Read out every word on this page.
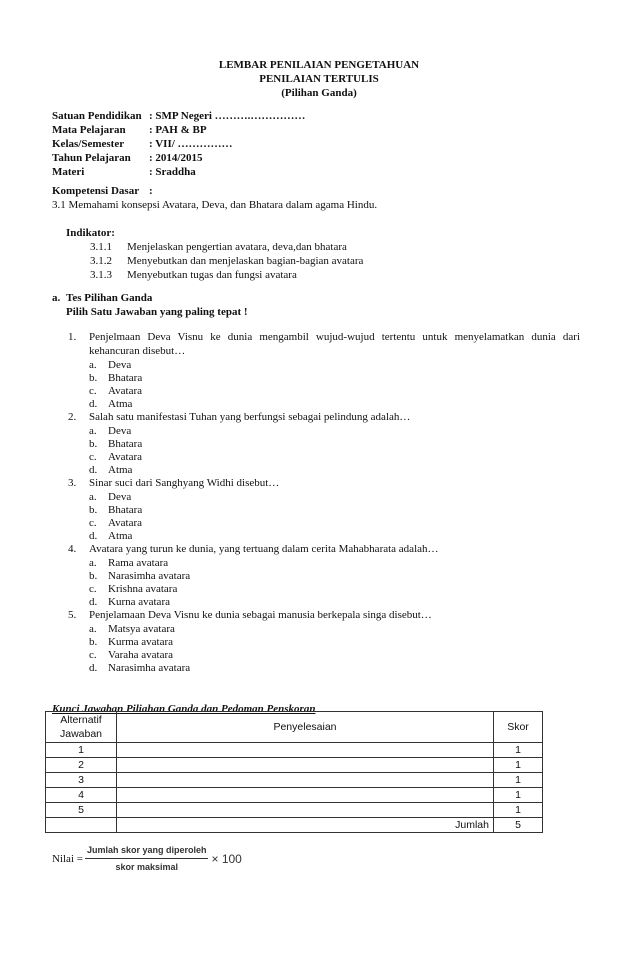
LEMBAR PENILAIAN PENGETAHUAN
PENILAIAN TERTULIS
(Pilihan Ganda)
Satuan Pendidikan : SMP Negeri ……….……………
Mata Pelajaran : PAH & BP
Kelas/Semester : VII/ ……………
Tahun Pelajaran : 2014/2015
Materi	: Sraddha
Kompetensi Dasar :
3.1 Memahami konsepsi Avatara, Deva, dan Bhatara dalam agama Hindu.
Indikator:
3.1.1 Menjelaskan pengertian avatara, deva,dan bhatara
3.1.2 Menyebutkan dan menjelaskan bagian-bagian avatara
3.1.3 Menyebutkan tugas dan fungsi avatara
a. Tes Pilihan Ganda
Pilih Satu Jawaban yang paling tepat !
1.	Penjelmaan Deva Visnu ke dunia mengambil wujud-wujud tertentu untuk menyelamatkan dunia dari kehancuran disebut…
a. Deva
b. Bhatara
c. Avatara
d. Atma
2.	Salah satu manifestasi Tuhan yang berfungsi sebagai pelindung adalah…
a. Deva
b. Bhatara
c. Avatara
d. Atma
3.	Sinar suci dari Sanghyang Widhi disebut…
a. Deva
b. Bhatara
c. Avatara
d. Atma
4.	Avatara yang turun ke dunia, yang tertuang dalam cerita Mahabharata adalah…
a. Rama avatara
b. Narasimha avatara
c. Krishna avatara
d. Kurna avatara
5.	Penjelamaan Deva Visnu ke dunia sebagai manusia berkepala singa disebut…
a. Matsya avatara
b. Kurma avatara
c. Varaha avatara
d. Narasimha avatara
Kunci Jawaban Piliahan Ganda dan Pedoman Penskoran
Alternatif Jawaban	Penyelesaian	Skor
1		1
2		1
3		1
4		1
5		1
	Jumlah	5
Nilai = $\frac{\text{Jumlah skor yang diperoleh}}{\text{skor maksimal}} \times 100$
